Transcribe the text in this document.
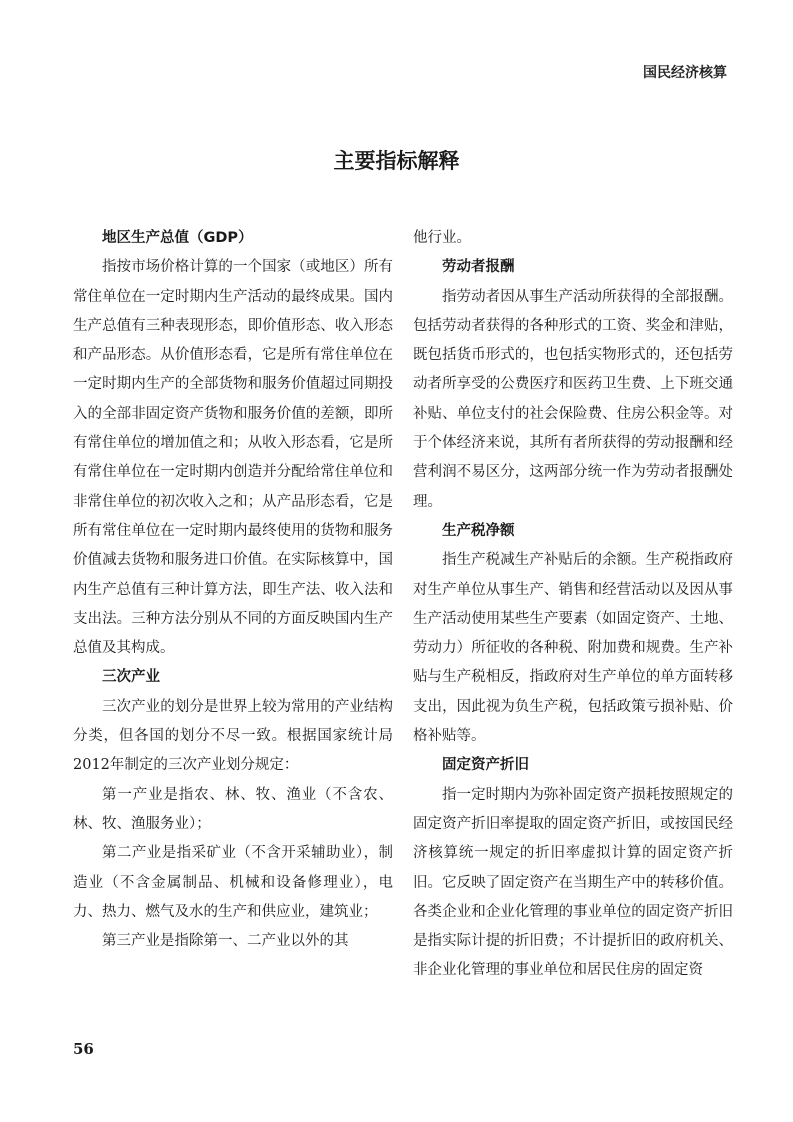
国民经济核算
主要指标解释
地区生产总值（GDP）

指按市场价格计算的一个国家（或地区）所有常住单位在一定时期内生产活动的最终成果。国内生产总值有三种表现形态，即价值形态、收入形态和产品形态。从价值形态看，它是所有常住单位在一定时期内生产的全部货物和服务价值超过同期投入的全部非固定资产货物和服务价值的差额，即所有常住单位的增加值之和；从收入形态看，它是所有常住单位在一定时期内创造并分配给常住单位和非常住单位的初次收入之和；从产品形态看，它是所有常住单位在一定时期内最终使用的货物和服务价值减去货物和服务进口价值。在实际核算中，国内生产总值有三种计算方法，即生产法、收入法和支出法。三种方法分别从不同的方面反映国内生产总值及其构成。

三次产业

三次产业的划分是世界上较为常用的产业结构分类，但各国的划分不尽一致。根据国家统计局2012年制定的三次产业划分规定：

第一产业是指农、林、牧、渔业（不含农、林、牧、渔服务业）；

第二产业是指采矿业（不含开采辅助业），制造业（不含金属制品、机械和设备修理业），电力、热力、燃气及水的生产和供应业，建筑业；

第三产业是指除第一、二产业以外的其

他行业。

劳动者报酬

指劳动者因从事生产活动所获得的全部报酬。包括劳动者获得的各种形式的工资、奖金和津贴，既包括货币形式的，也包括实物形式的，还包括劳动者所享受的公费医疗和医药卫生费、上下班交通补贴、单位支付的社会保险费、住房公积金等。对于个体经济来说，其所有者所获得的劳动报酬和经营利润不易区分，这两部分统一作为劳动者报酬处理。

生产税净额

指生产税减生产补贴后的余额。生产税指政府对生产单位从事生产、销售和经营活动以及因从事生产活动使用某些生产要素（如固定资产、土地、劳动力）所征收的各种税、附加费和规费。生产补贴与生产税相反，指政府对生产单位的单方面转移支出，因此视为负生产税，包括政策亏损补贴、价格补贴等。

固定资产折旧

指一定时期内为弥补固定资产损耗按照规定的固定资产折旧率提取的固定资产折旧，或按国民经济核算统一规定的折旧率虚拟计算的固定资产折旧。它反映了固定资产在当期生产中的转移价值。各类企业和企业化管理的事业单位的固定资产折旧是指实际计提的折旧费；不计提折旧的政府机关、非企业化管理的事业单位和居民住房的固定资

56
